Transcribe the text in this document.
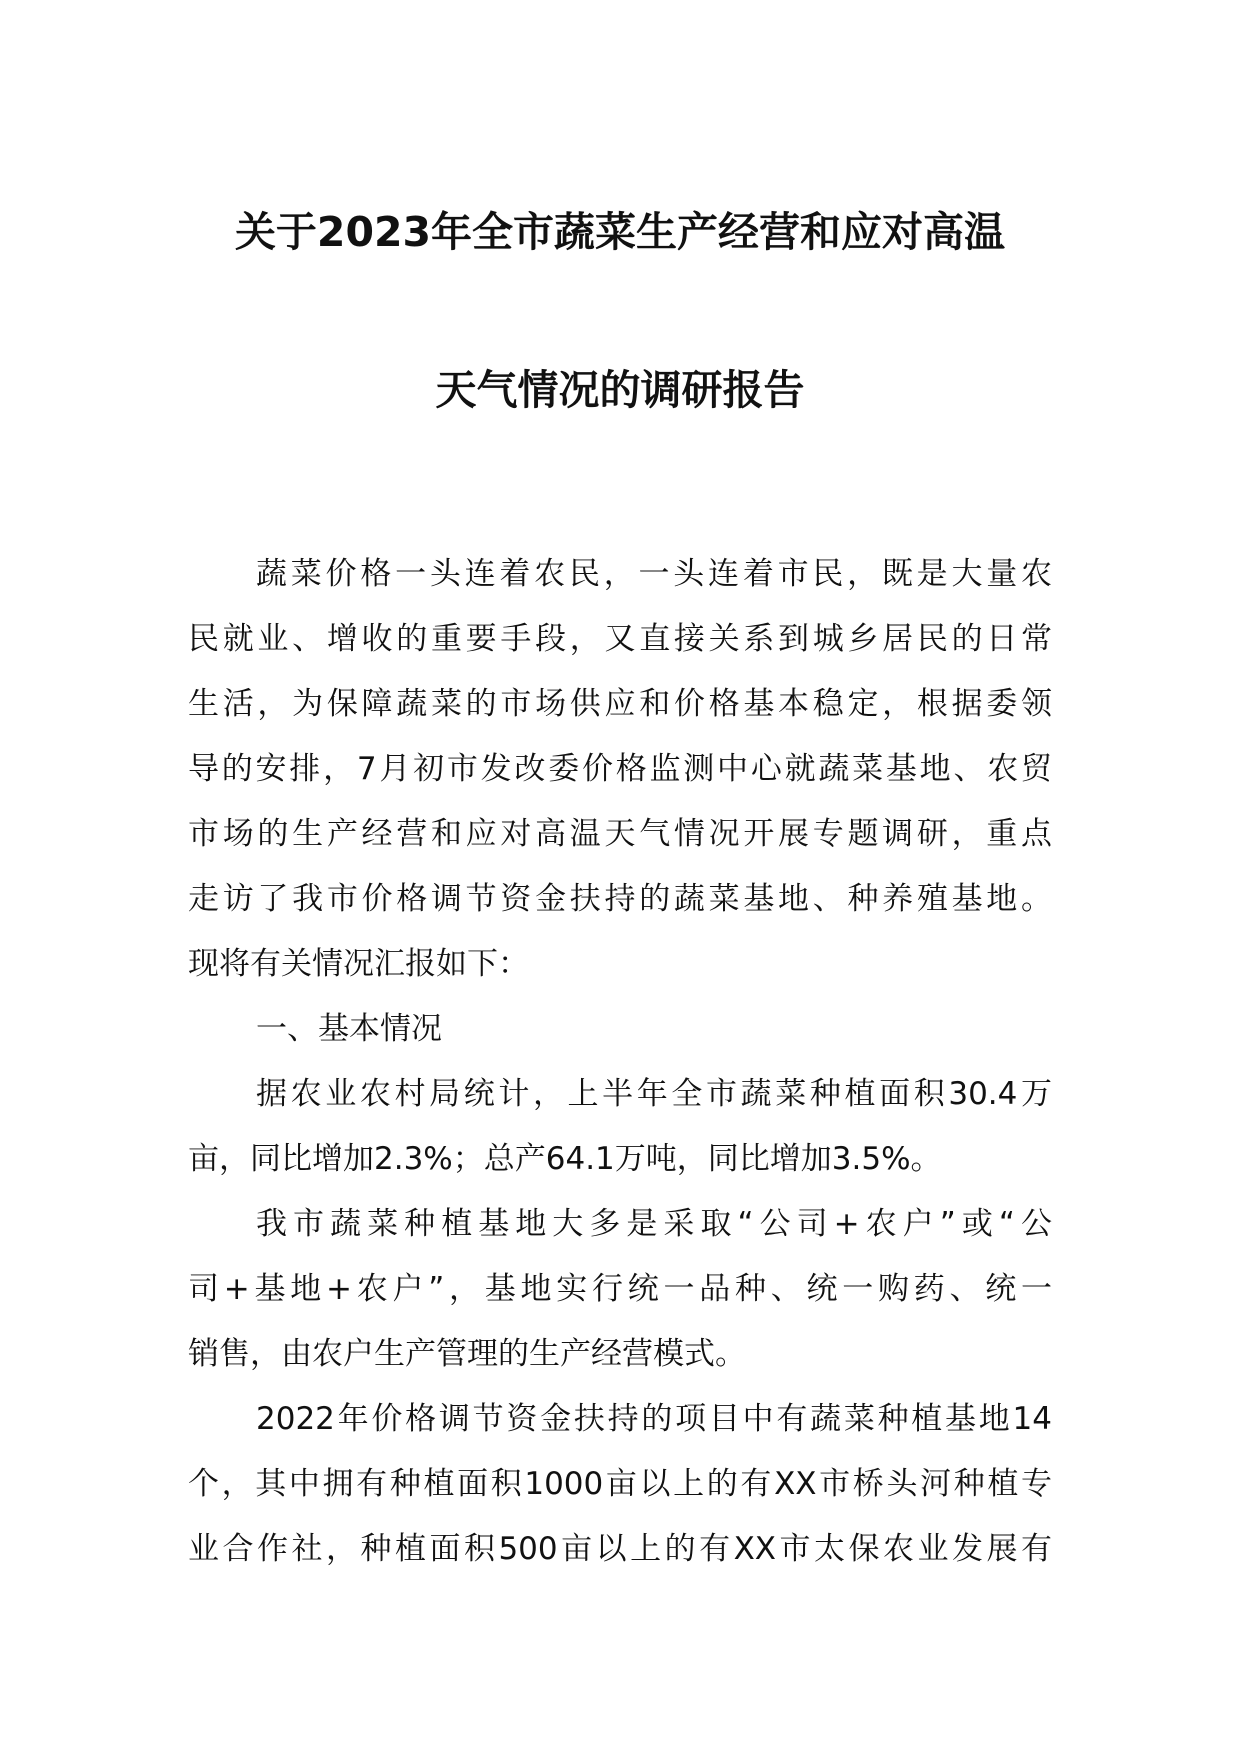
关于2023年全市蔬菜生产经营和应对高温
天气情况的调研报告

蔬菜价格一头连着农民，一头连着市民，既是大量农
民就业、增收的重要手段，又直接关系到城乡居民的日常
生活，为保障蔬菜的市场供应和价格基本稳定，根据委领
导的安排，7月初市发改委价格监测中心就蔬菜基地、农贸
市场的生产经营和应对高温天气情况开展专题调研，重点
走访了我市价格调节资金扶持的蔬菜基地、种养殖基地。
现将有关情况汇报如下：

一、基本情况

据农业农村局统计，上半年全市蔬菜种植面积30.4万
亩，同比增加2.3%；总产64.1万吨，同比增加3.5%。

我市蔬菜种植基地大多是采取“公司+农户”或“公
司+基地+农户”，基地实行统一品种、统一购药、统一
销售，由农户生产管理的生产经营模式。

2022年价格调节资金扶持的项目中有蔬菜种植基地14
个，其中拥有种植面积1000亩以上的有XX市桥头河种植专
业合作社，种植面积500亩以上的有XX市太保农业发展有
